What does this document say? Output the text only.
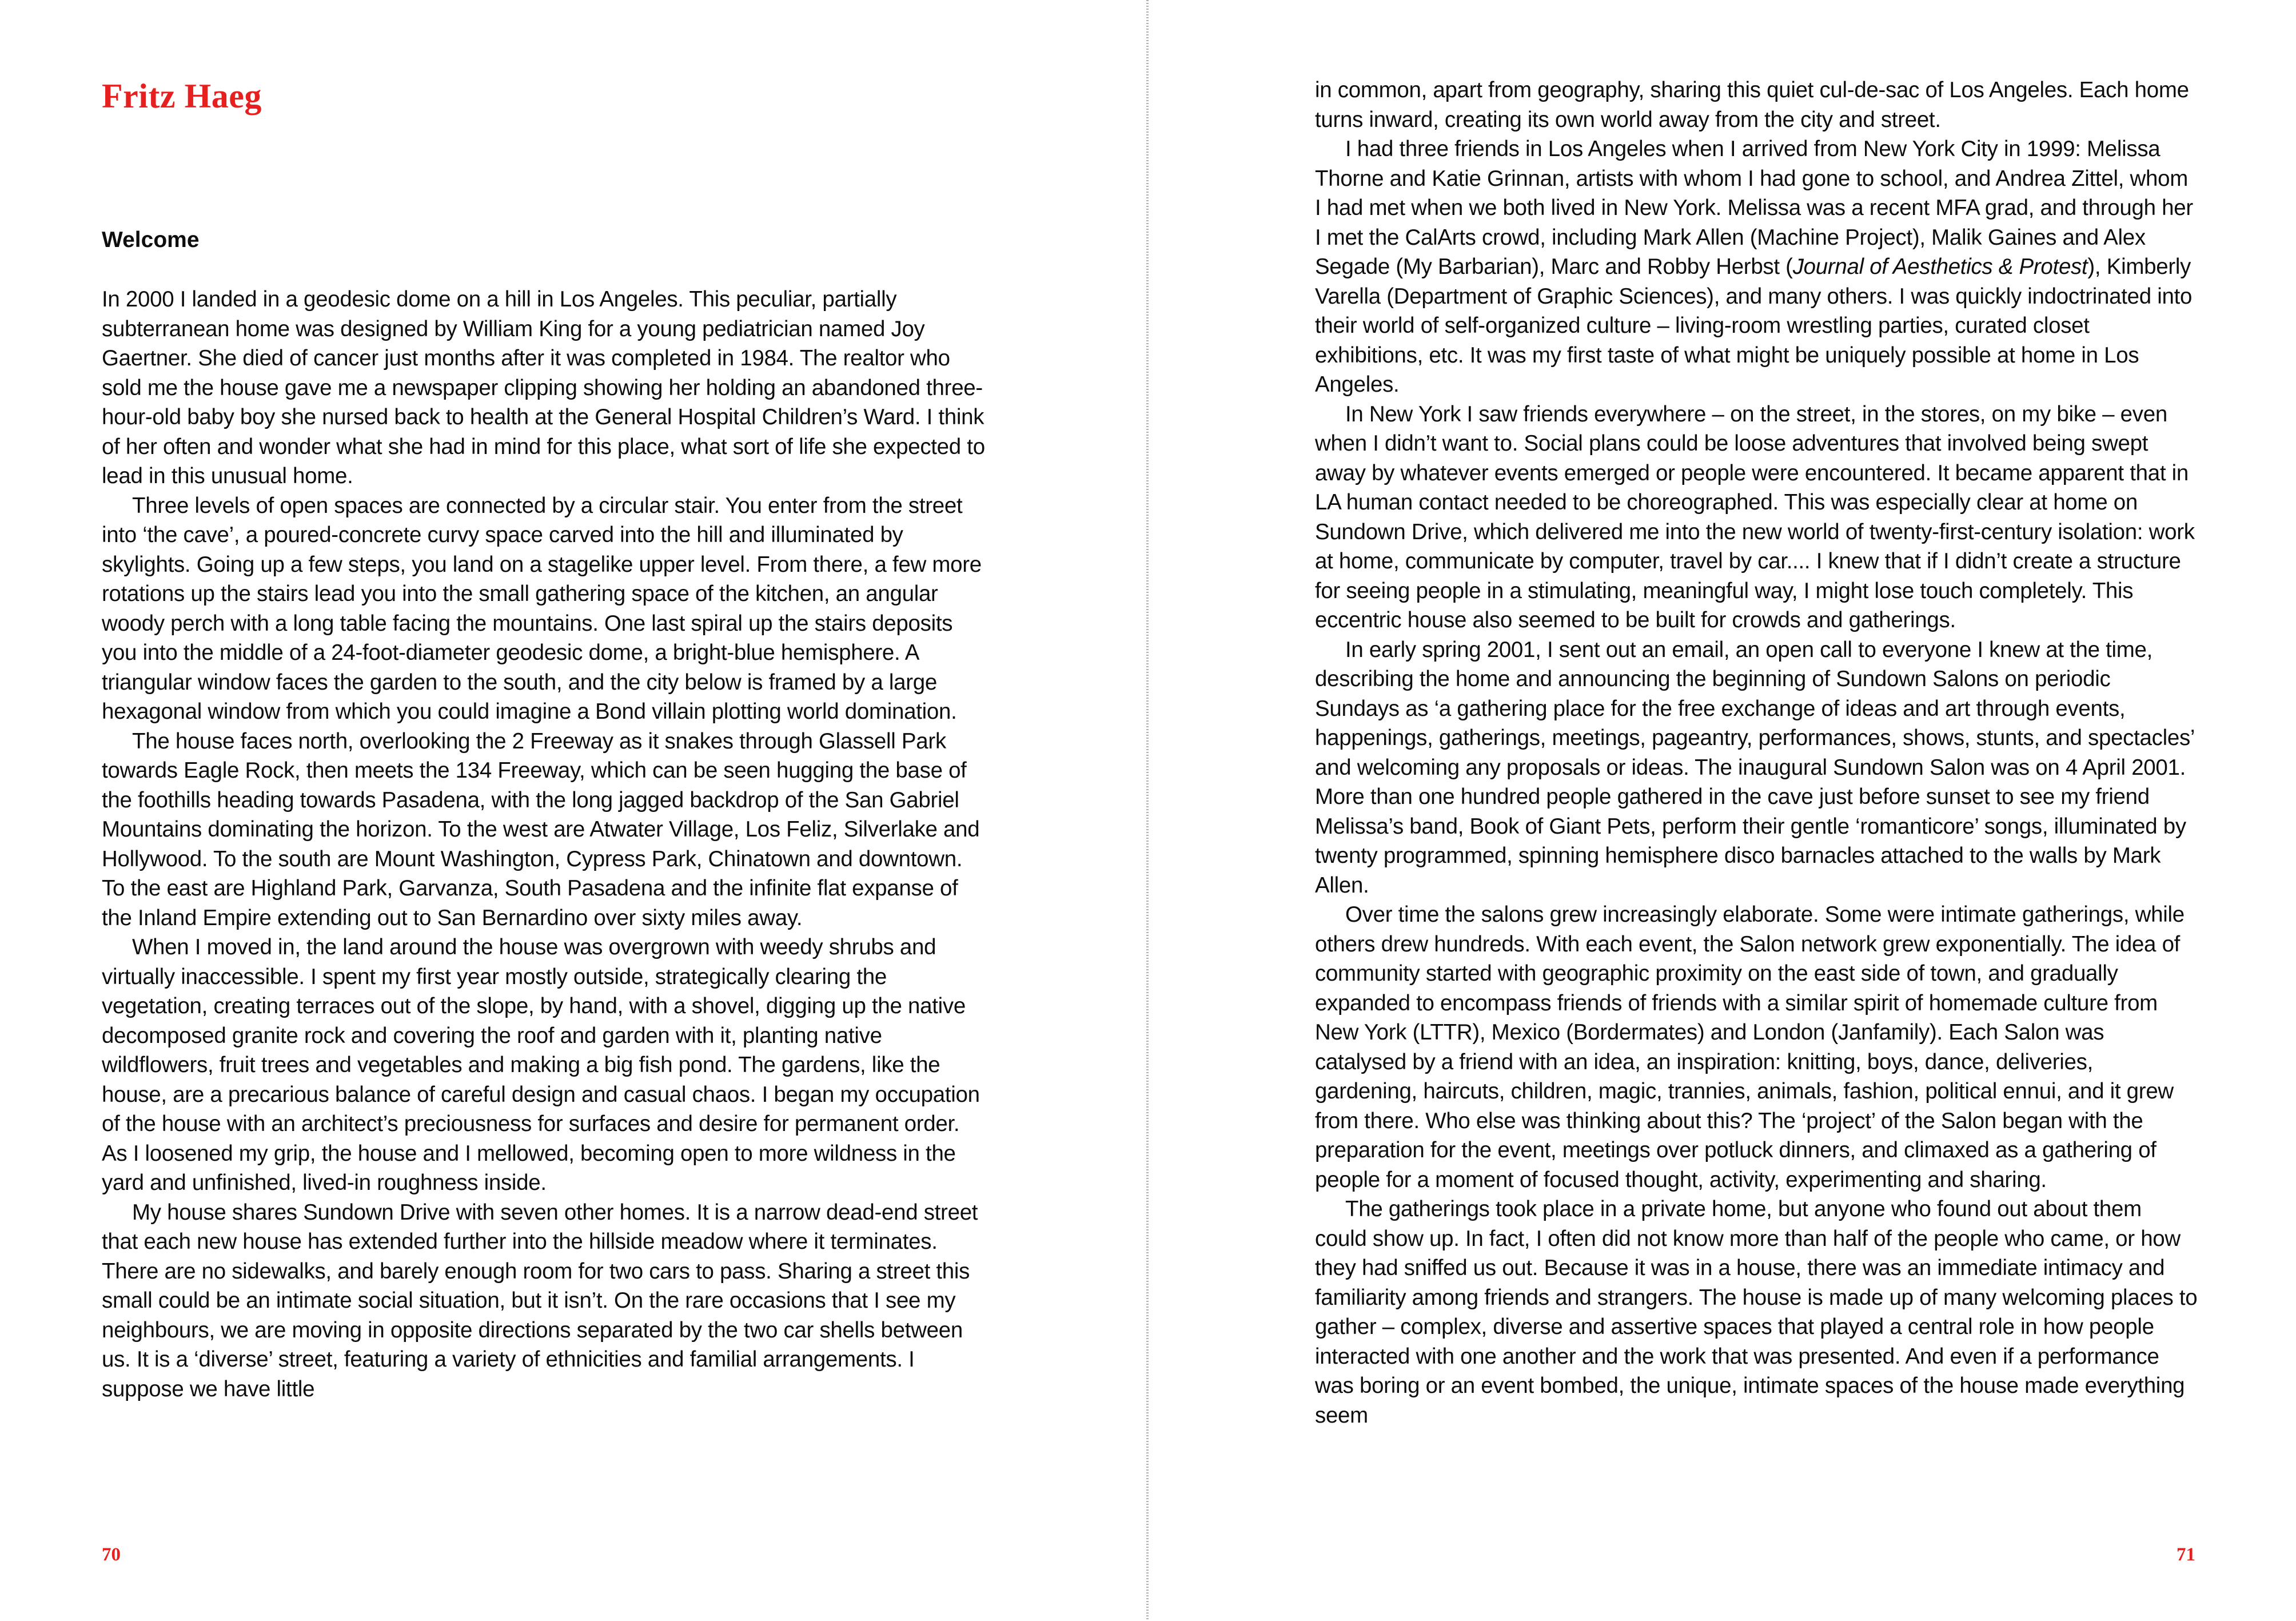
Fritz Haeg
Welcome

In 2000 I landed in a geodesic dome on a hill in Los Angeles. This peculiar, partially subterranean home was designed by William King for a young pediatrician named Joy Gaertner. She died of cancer just months after it was completed in 1984. The realtor who sold me the house gave me a newspaper clipping showing her holding an abandoned three-hour-old baby boy she nursed back to health at the General Hospital Children’s Ward. I think of her often and wonder what she had in mind for this place, what sort of life she expected to lead in this unusual home.

Three levels of open spaces are connected by a circular stair. You enter from the street into ‘the cave’, a poured-concrete curvy space carved into the hill and illuminated by skylights. Going up a few steps, you land on a stagelike upper level. From there, a few more rotations up the stairs lead you into the small gathering space of the kitchen, an angular woody perch with a long table facing the mountains. One last spiral up the stairs deposits you into the middle of a 24-foot-diameter geodesic dome, a bright-blue hemisphere. A triangular window faces the garden to the south, and the city below is framed by a large hexagonal window from which you could imagine a Bond villain plotting world domination.

The house faces north, overlooking the 2 Freeway as it snakes through Glassell Park towards Eagle Rock, then meets the 134 Freeway, which can be seen hugging the base of the foothills heading towards Pasadena, with the long jagged backdrop of the San Gabriel Mountains dominating the horizon. To the west are Atwater Village, Los Feliz, Silverlake and Hollywood. To the south are Mount Washington, Cypress Park, Chinatown and downtown. To the east are Highland Park, Garvanza, South Pasadena and the infinite flat expanse of the Inland Empire extending out to San Bernardino over sixty miles away.

When I moved in, the land around the house was overgrown with weedy shrubs and virtually inaccessible. I spent my first year mostly outside, strategically clearing the vegetation, creating terraces out of the slope, by hand, with a shovel, digging up the native decomposed granite rock and covering the roof and garden with it, planting native wildflowers, fruit trees and vegetables and making a big fish pond. The gardens, like the house, are a precarious balance of careful design and casual chaos. I began my occupation of the house with an architect’s preciousness for surfaces and desire for permanent order. As I loosened my grip, the house and I mellowed, becoming open to more wildness in the yard and unfinished, lived-in roughness inside.

My house shares Sundown Drive with seven other homes. It is a narrow dead-end street that each new house has extended further into the hillside meadow where it terminates. There are no sidewalks, and barely enough room for two cars to pass. Sharing a street this small could be an intimate social situation, but it isn’t. On the rare occasions that I see my neighbours, we are moving in opposite directions separated by the two car shells between us. It is a ‘diverse’ street, featuring a variety of ethnicities and familial arrangements. I suppose we have little

70

in common, apart from geography, sharing this quiet cul-de-sac of Los Angeles. Each home turns inward, creating its own world away from the city and street.

I had three friends in Los Angeles when I arrived from New York City in 1999: Melissa Thorne and Katie Grinnan, artists with whom I had gone to school, and Andrea Zittel, whom I had met when we both lived in New York. Melissa was a recent MFA grad, and through her I met the CalArts crowd, including Mark Allen (Machine Project), Malik Gaines and Alex Segade (My Barbarian), Marc and Robby Herbst (Journal of Aesthetics & Protest), Kimberly Varella (Department of Graphic Sciences), and many others. I was quickly indoctrinated into their world of self-organized culture – living-room wrestling parties, curated closet exhibitions, etc. It was my first taste of what might be uniquely possible at home in Los Angeles.

In New York I saw friends everywhere – on the street, in the stores, on my bike – even when I didn’t want to. Social plans could be loose adventures that involved being swept away by whatever events emerged or people were encountered. It became apparent that in LA human contact needed to be choreographed. This was especially clear at home on Sundown Drive, which delivered me into the new world of twenty-first-century isolation: work at home, communicate by computer, travel by car.... I knew that if I didn’t create a structure for seeing people in a stimulating, meaningful way, I might lose touch completely. This eccentric house also seemed to be built for crowds and gatherings.

In early spring 2001, I sent out an email, an open call to everyone I knew at the time, describing the home and announcing the beginning of Sundown Salons on periodic Sundays as ‘a gathering place for the free exchange of ideas and art through events, happenings, gatherings, meetings, pageantry, performances, shows, stunts, and spectacles’ and welcoming any proposals or ideas. The inaugural Sundown Salon was on 4 April 2001. More than one hundred people gathered in the cave just before sunset to see my friend Melissa’s band, Book of Giant Pets, perform their gentle ‘romanticore’ songs, illuminated by twenty programmed, spinning hemisphere disco barnacles attached to the walls by Mark Allen.

Over time the salons grew increasingly elaborate. Some were intimate gatherings, while others drew hundreds. With each event, the Salon network grew exponentially. The idea of community started with geographic proximity on the east side of town, and gradually expanded to encompass friends of friends with a similar spirit of homemade culture from New York (LTTR), Mexico (Bordermates) and London (Janfamily). Each Salon was catalysed by a friend with an idea, an inspiration: knitting, boys, dance, deliveries, gardening, haircuts, children, magic, trannies, animals, fashion, political ennui, and it grew from there. Who else was thinking about this? The ‘project’ of the Salon began with the preparation for the event, meetings over potluck dinners, and climaxed as a gathering of people for a moment of focused thought, activity, experimenting and sharing.

The gatherings took place in a private home, but anyone who found out about them could show up. In fact, I often did not know more than half of the people who came, or how they had sniffed us out. Because it was in a house, there was an immediate intimacy and familiarity among friends and strangers. The house is made up of many welcoming places to gather – complex, diverse and assertive spaces that played a central role in how people interacted with one another and the work that was presented. And even if a performance was boring or an event bombed, the unique, intimate spaces of the house made everything seem

71
